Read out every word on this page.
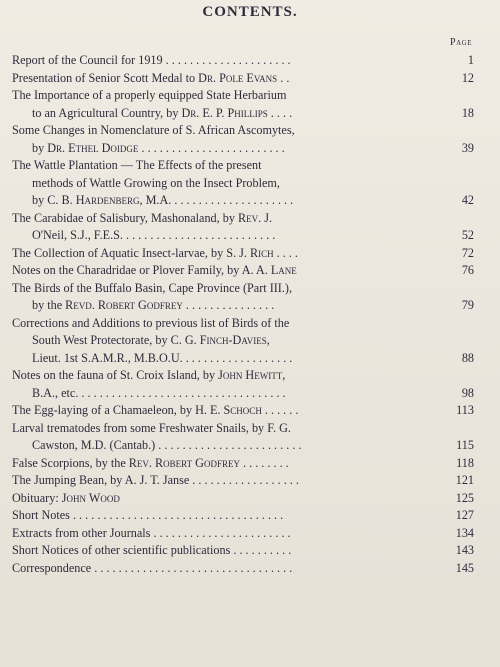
CONTENTS.
Page
Report of the Council for 1919 . . . . . . . . . . . . . . . . . . . . .	1
Presentation of Senior Scott Medal to Dr. Pole Evans . .	12
The Importance of a properly equipped State Herbarium
to an Agricultural Country, by Dr. E. P. Phillips . . . .	18
Some Changes in Nomenclature of S. African Ascomytes,
by Dr. Ethel Doidge . . . . . . . . . . . . . . . . . . . . . . . .	39
The Wattle Plantation — The Effects of the present
methods of Wattle Growing on the Insect Problem,
by C. B. Hardenberg, M.A. . . . . . . . . . . . . . . . . . . . .	42
The Carabidae of Salisbury, Mashonaland, by Rev. J.
O'Neil, S.J., F.E.S. . . . . . . . . . . . . . . . . . . . . . . . . .	52
The Collection of Aquatic Insect-larvae, by S. J. Rich . . . .	72
Notes on the Charadridae or Plover Family, by A. A. Lane	76
The Birds of the Buffalo Basin, Cape Province (Part III.),
by the Revd. Robert Godfrey . . . . . . . . . . . . . . .	79
Corrections and Additions to previous list of Birds of the
South West Protectorate, by C. G. Finch-Davies,
Lieut. 1st S.A.M.R., M.B.O.U. . . . . . . . . . . . . . . . . . .	88
Notes on the fauna of St. Croix Island, by John Hewitt,
B.A., etc. . . . . . . . . . . . . . . . . . . . . . . . . . . . . . . . . . .	98
The Egg-laying of a Chamaeleon, by H. E. Schoch . . . . . .	113
Larval trematodes from some Freshwater Snails, by F. G.
Cawston, M.D. (Cantab.) . . . . . . . . . . . . . . . . . . . . . . . .	115
False Scorpions, by the Rev. Robert Godfrey . . . . . . . .	118
The Jumping Bean, by A. J. T. Janse . . . . . . . . . . . . . . . . . .	121
Obituary: John Wood	125
Short Notes . . . . . . . . . . . . . . . . . . . . . . . . . . . . . . . . . . .	127
Extracts from other Journals . . . . . . . . . . . . . . . . . . . . . . .	134
Short Notices of other scientific publications . . . . . . . . . .	143
Correspondence . . . . . . . . . . . . . . . . . . . . . . . . . . . . . . . . .	145
